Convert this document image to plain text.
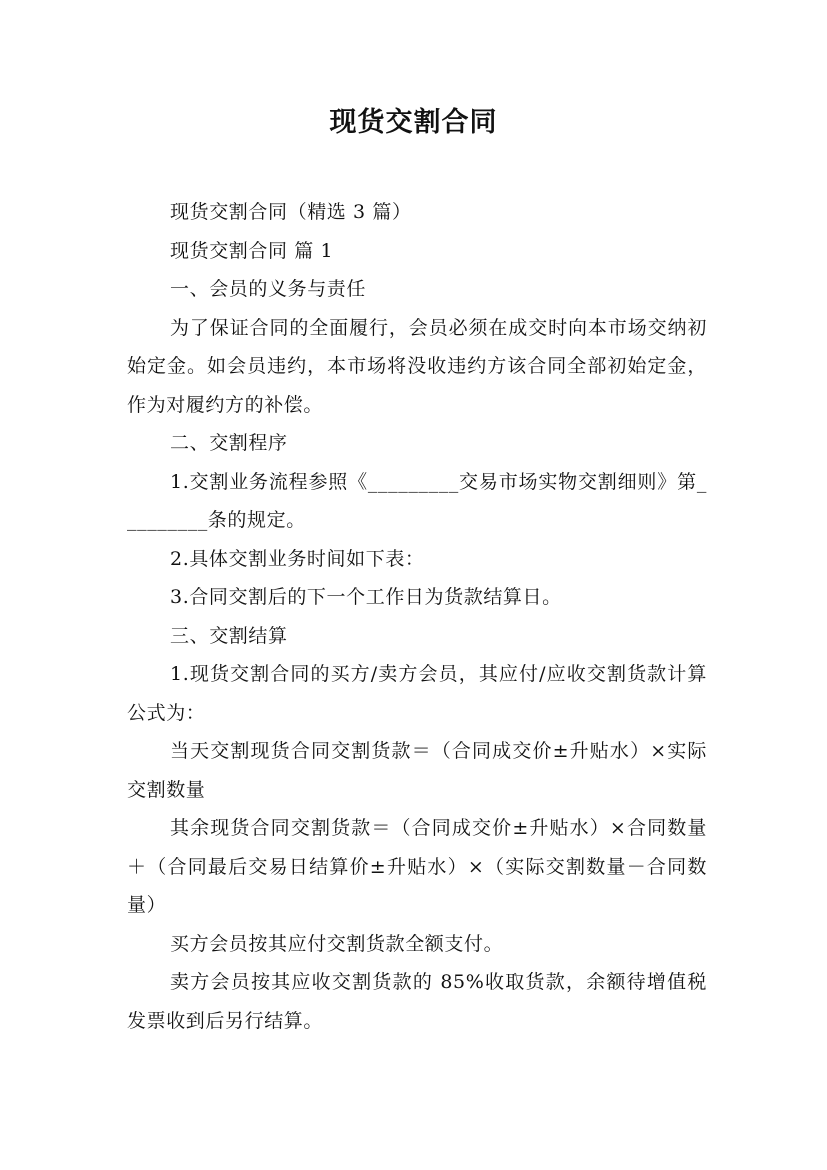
现货交割合同

现货交割合同（精选 3 篇）

现货交割合同 篇 1

一、会员的义务与责任

为了保证合同的全面履行，会员必须在成交时向本市场交纳初始定金。如会员违约，本市场将没收违约方该合同全部初始定金，作为对履约方的补偿。

二、交割程序

1.交割业务流程参照《_________交易市场实物交割细则》第_________条的规定。

2.具体交割业务时间如下表：

3.合同交割后的下一个工作日为货款结算日。

三、交割结算

1.现货交割合同的买方/卖方会员，其应付/应收交割货款计算公式为：

当天交割现货合同交割货款＝（合同成交价±升贴水）×实际交割数量

其余现货合同交割货款＝（合同成交价±升贴水）×合同数量＋（合同最后交易日结算价±升贴水）×（实际交割数量－合同数量）

买方会员按其应付交割货款全额支付。

卖方会员按其应收交割货款的 85%收取货款，余额待增值税发票收到后另行结算。
